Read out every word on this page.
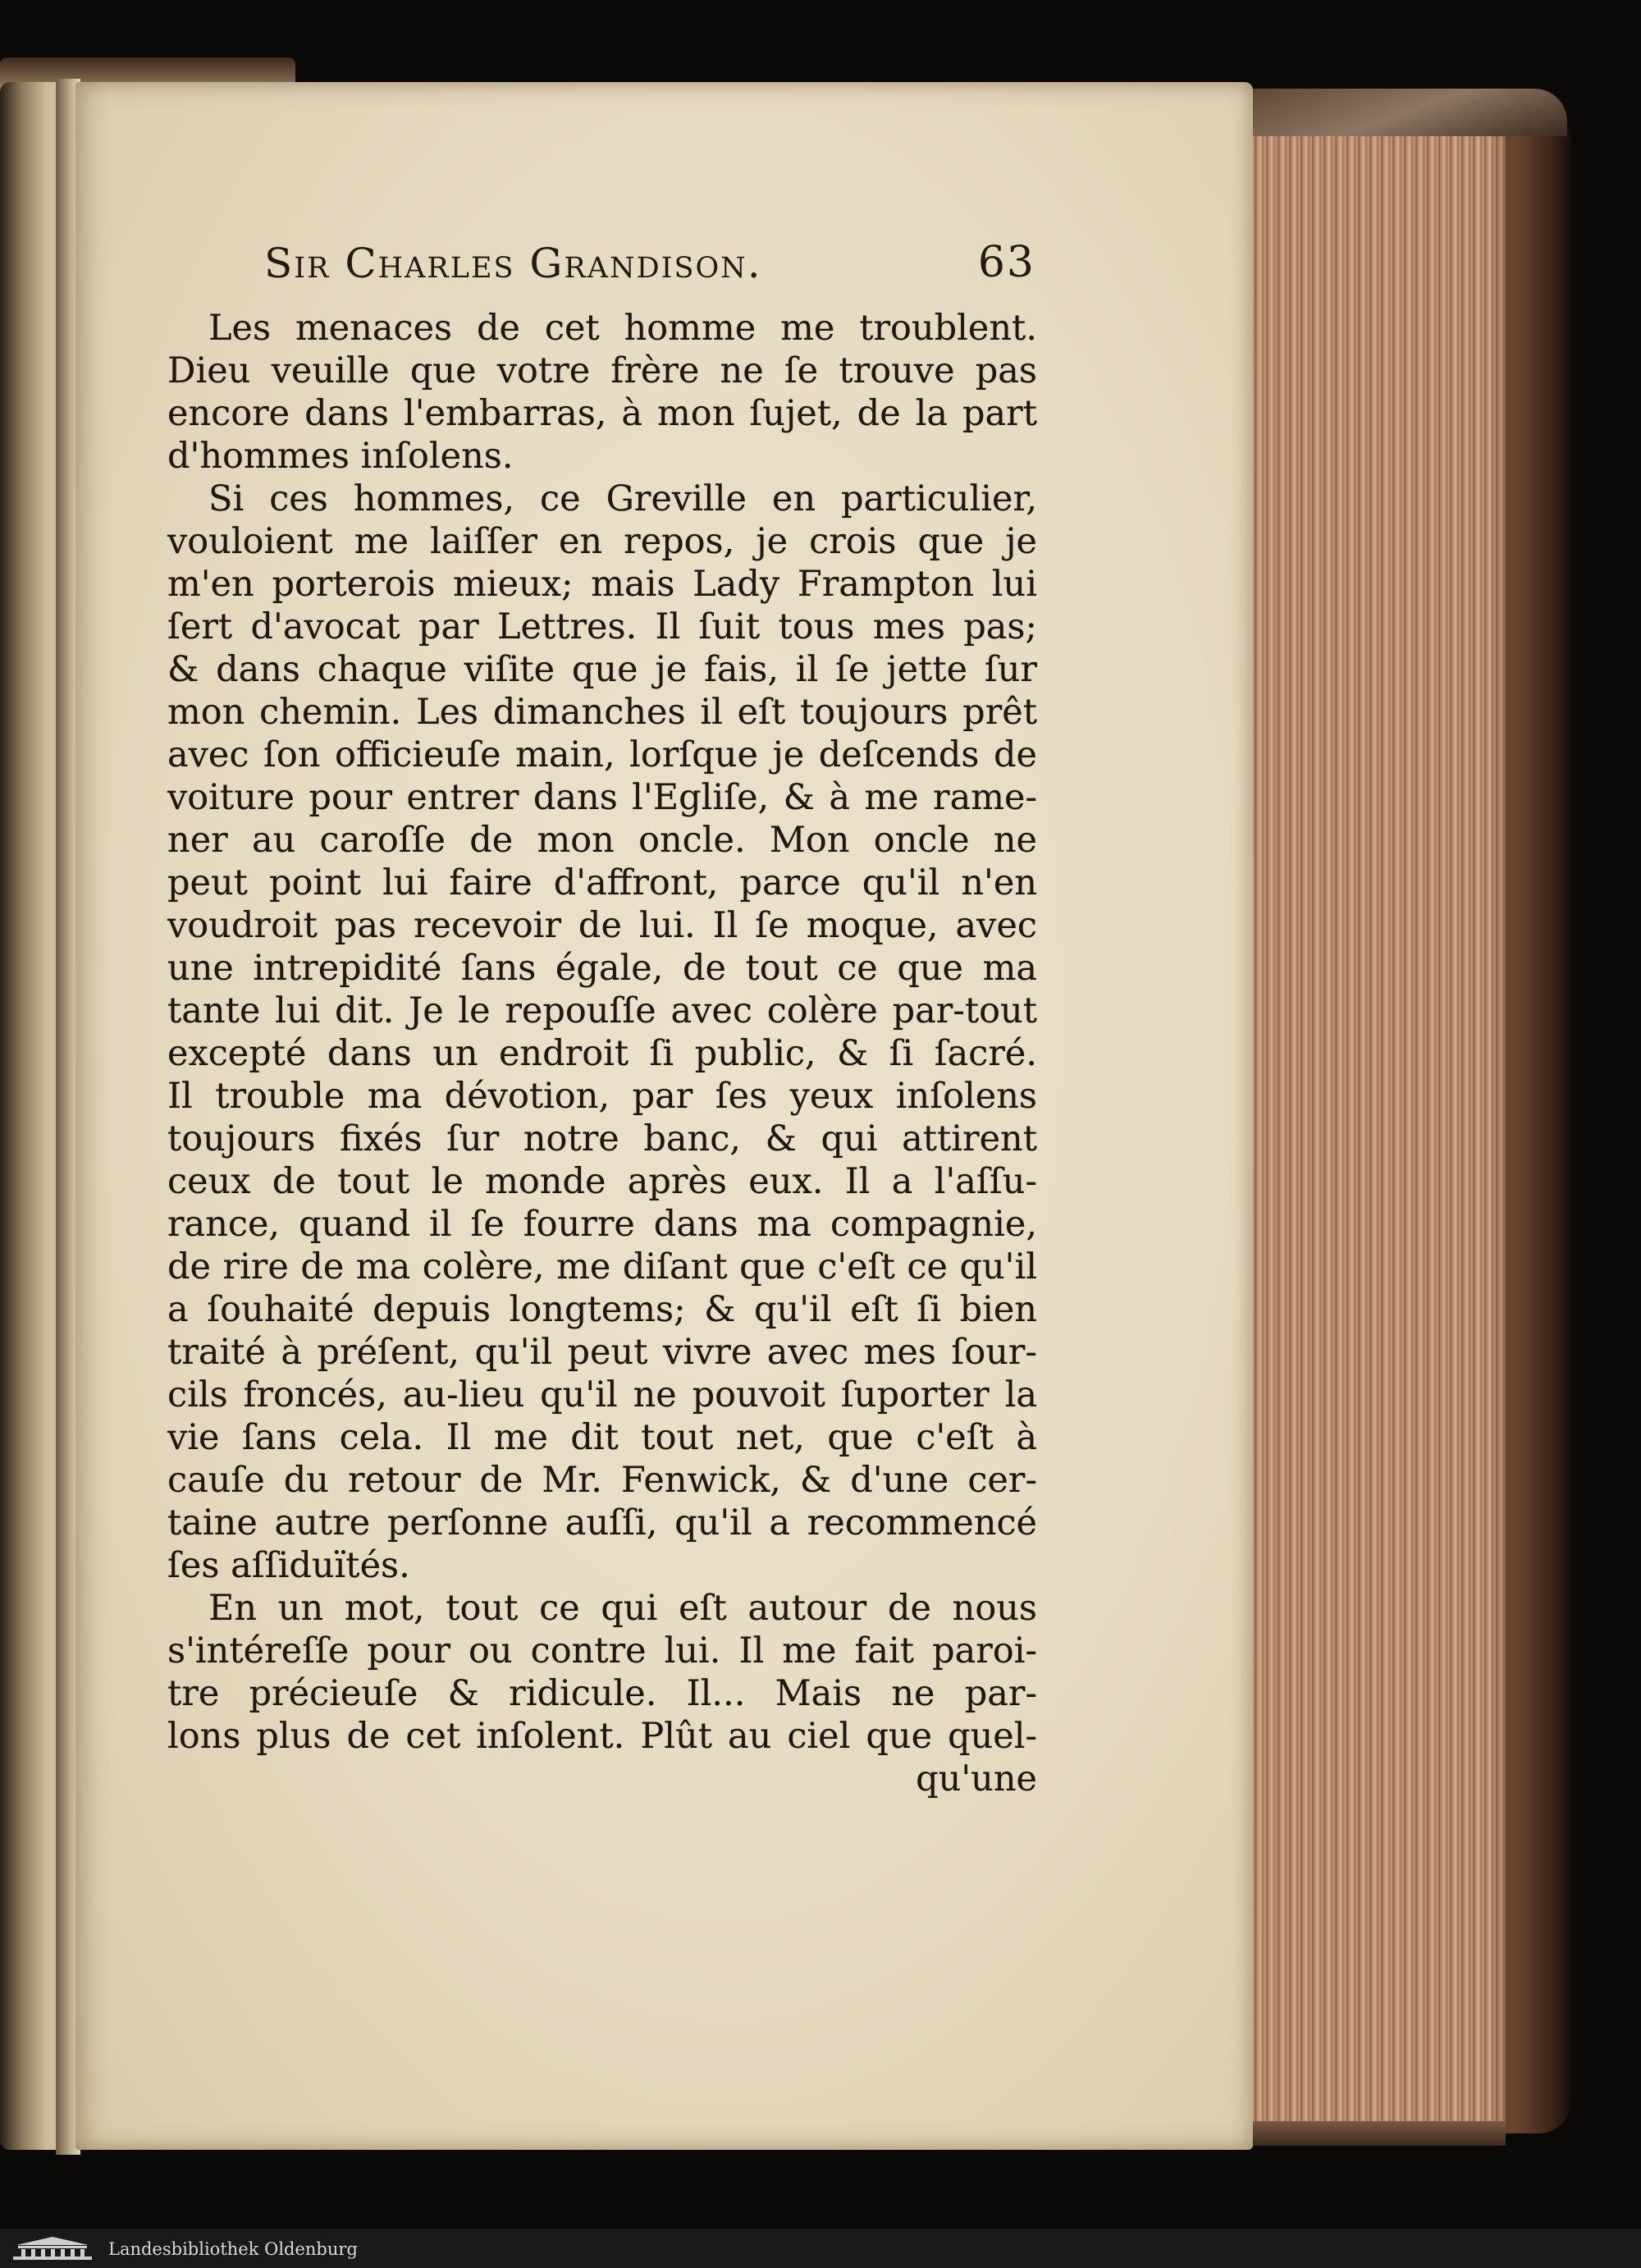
Sir Charles Grandison.	63

Les menaces de cet homme me troublent.
Dieu veuille que votre frère ne ſe trouve pas
encore dans l'embarras, à mon ſujet, de la part
d'hommes inſolens.

Si ces hommes, ce Greville en particulier,
vouloient me laiſſer en repos, je crois que je
m'en porterois mieux; mais Lady Frampton lui
ſert d'avocat par Lettres. Il ſuit tous mes pas;
& dans chaque viſite que je fais, il ſe jette ſur
mon chemin. Les dimanches il eſt toujours prêt
avec ſon officieuſe main, lorſque je deſcends de
voiture pour entrer dans l'Egliſe, & à me rame-
ner au caroſſe de mon oncle. Mon oncle ne
peut point lui faire d'affront, parce qu'il n'en
voudroit pas recevoir de lui. Il ſe moque, avec
une intrepidité ſans égale, de tout ce que ma
tante lui dit. Je le repouſſe avec colère par-tout
excepté dans un endroit ſi public, & ſi ſacré.
Il trouble ma dévotion, par ſes yeux inſolens
toujours fixés ſur notre banc, & qui attirent
ceux de tout le monde après eux. Il a l'aſſu-
rance, quand il ſe fourre dans ma compagnie,
de rire de ma colère, me diſant que c'eſt ce qu'il
a ſouhaité depuis longtems; & qu'il eſt ſi bien
traité à préſent, qu'il peut vivre avec mes ſour-
cils froncés, au-lieu qu'il ne pouvoit ſuporter la
vie ſans cela. Il me dit tout net, que c'eſt à
cauſe du retour de Mr. Fenwick, & d'une cer-
taine autre perſonne auſſi, qu'il a recommencé
ſes aſſiduïtés.

En un mot, tout ce qui eſt autour de nous
s'intéreſſe pour ou contre lui. Il me fait paroi-
tre précieuſe & ridicule. Il... Mais ne par-
lons plus de cet inſolent. Plût au ciel que quel-

qu'une
Landesbibliothek Oldenburg
